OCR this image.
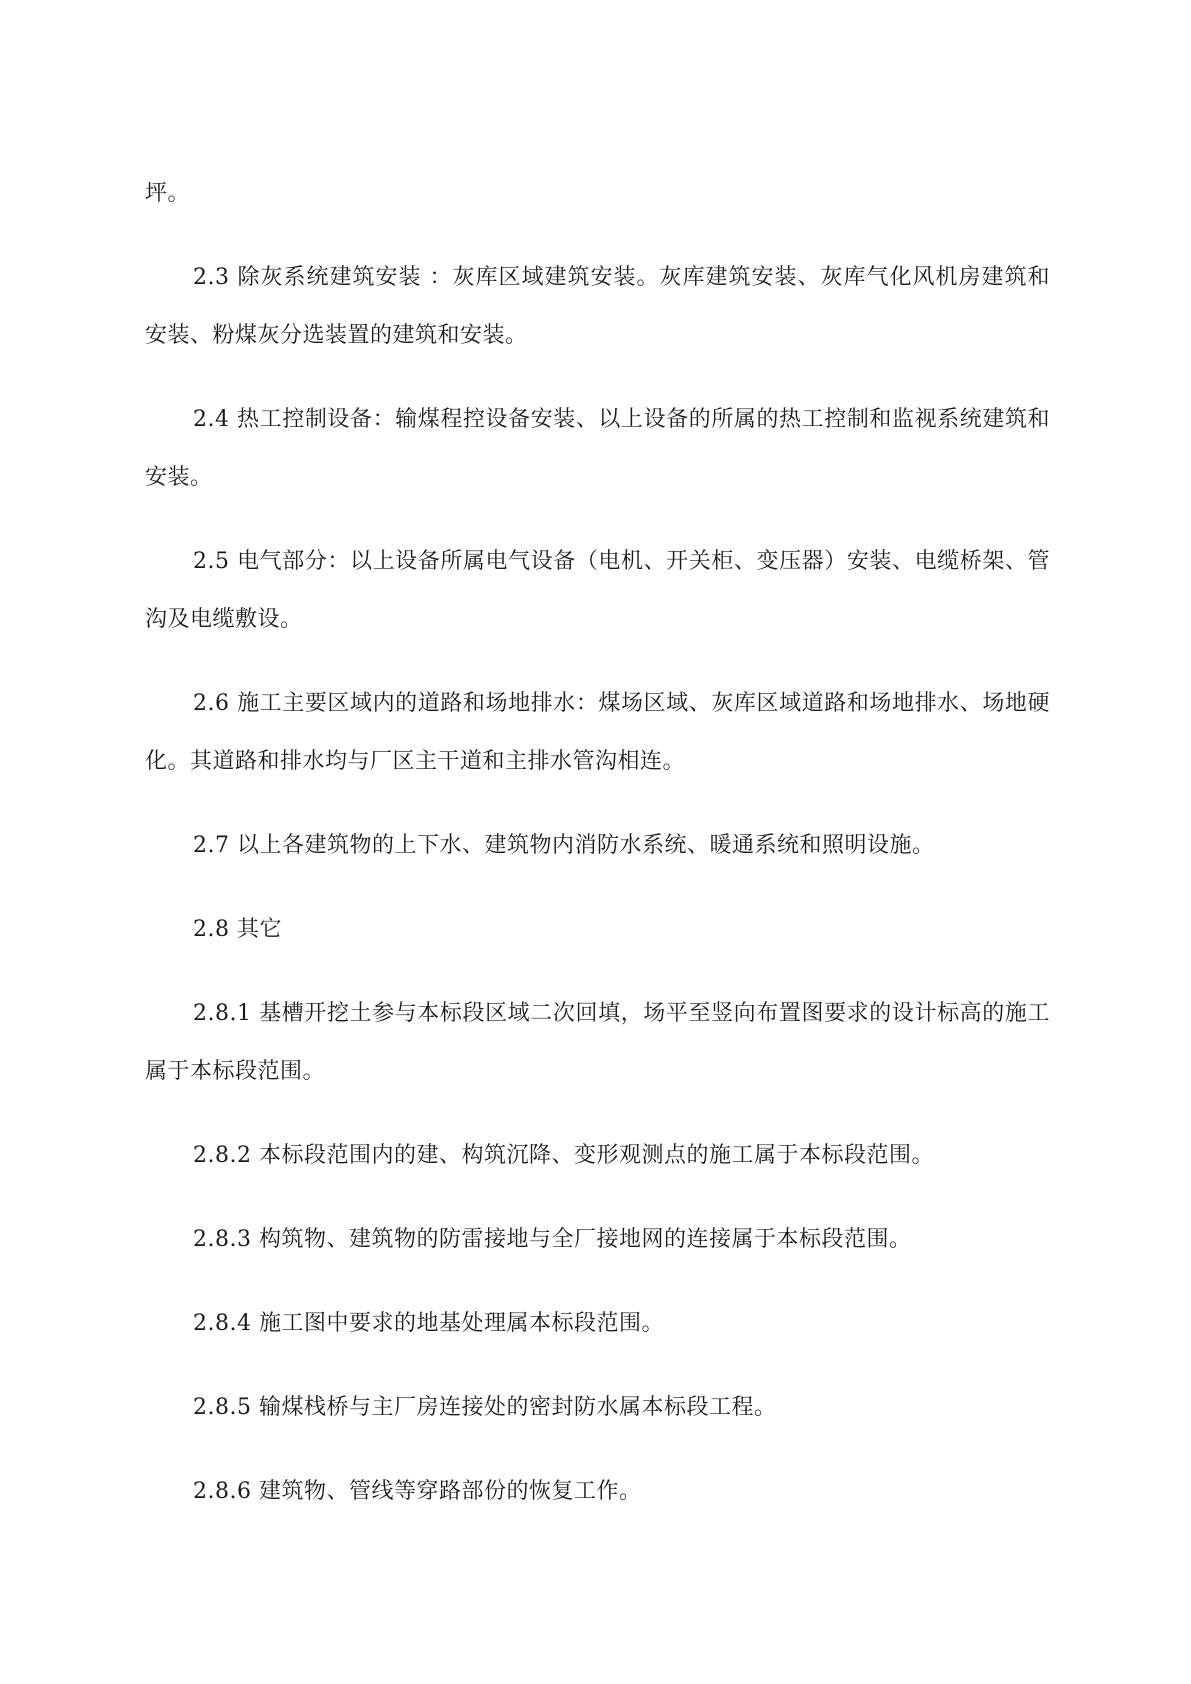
坪。

2.3 除灰系统建筑安装 ：灰库区域建筑安装。灰库建筑安装、灰库气化风机房建筑和安装、粉煤灰分选装置的建筑和安装。

2.4 热工控制设备：输煤程控设备安装、以上设备的所属的热工控制和监视系统建筑和安装。

2.5 电气部分：以上设备所属电气设备（电机、开关柜、变压器）安装、电缆桥架、管沟及电缆敷设。

2.6 施工主要区域内的道路和场地排水：煤场区域、灰库区域道路和场地排水、场地硬化。其道路和排水均与厂区主干道和主排水管沟相连。

2.7 以上各建筑物的上下水、建筑物内消防水系统、暖通系统和照明设施。

2.8 其它

2.8.1 基槽开挖土参与本标段区域二次回填，场平至竖向布置图要求的设计标高的施工属于本标段范围。

2.8.2 本标段范围内的建、构筑沉降、变形观测点的施工属于本标段范围。

2.8.3 构筑物、建筑物的防雷接地与全厂接地网的连接属于本标段范围。

2.8.4 施工图中要求的地基处理属本标段范围。

2.8.5 输煤栈桥与主厂房连接处的密封防水属本标段工程。

2.8.6 建筑物、管线等穿路部份的恢复工作。
